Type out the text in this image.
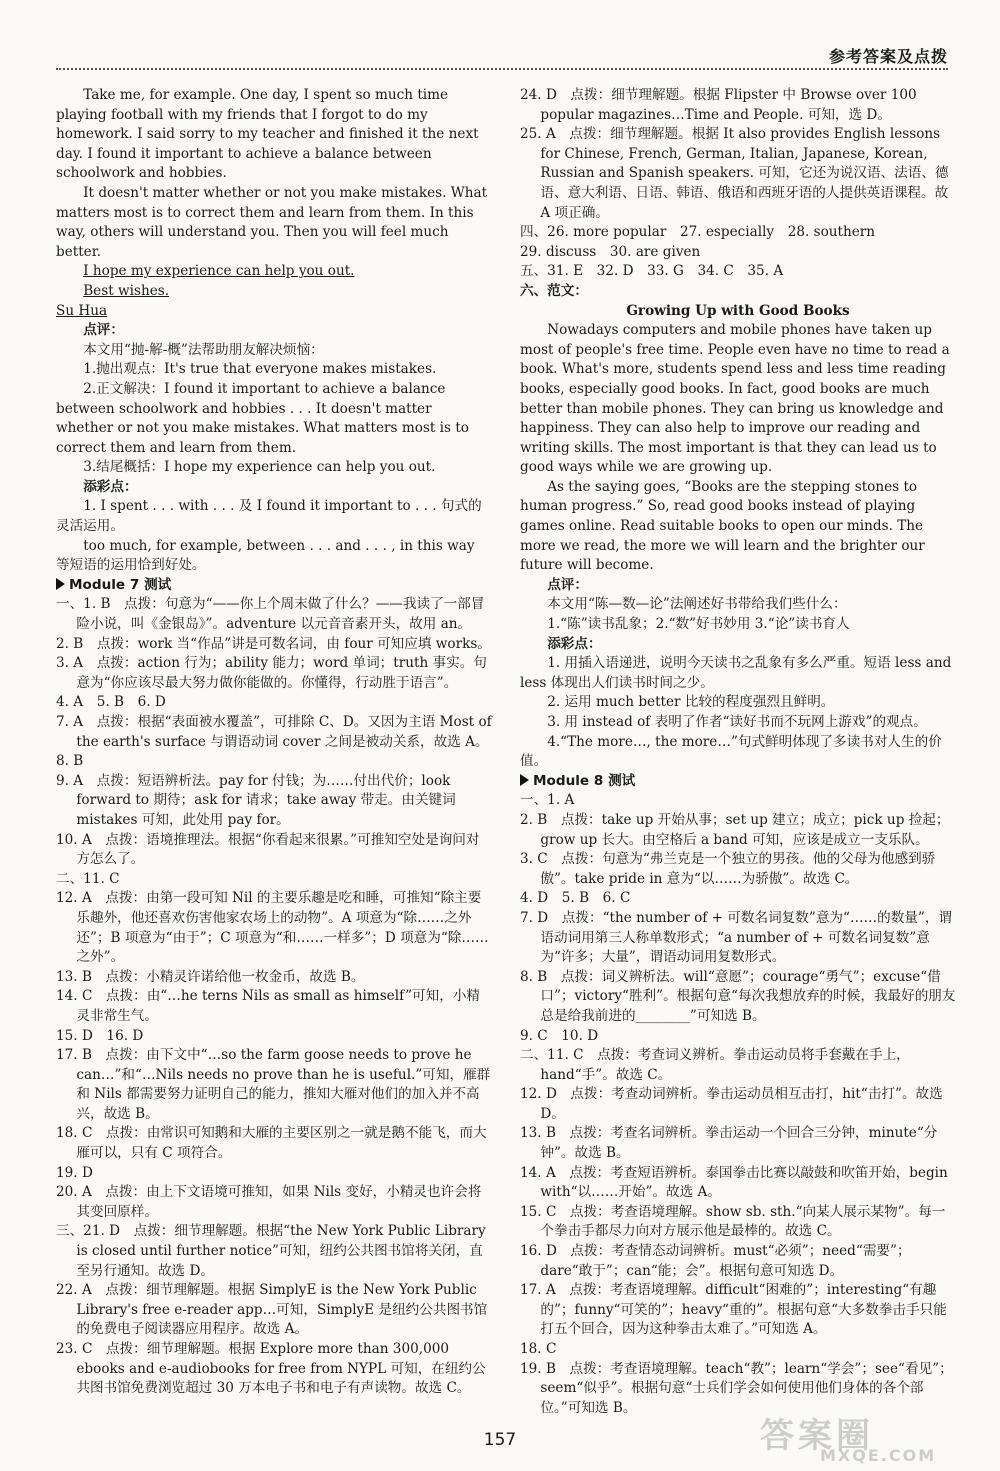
参考答案及点拨

Take me, for example. One day, I spent so much time playing football with my friends that I forgot to do my homework. I said sorry to my teacher and finished it the next day. I found it important to achieve a balance between schoolwork and hobbies.

It doesn't matter whether or not you make mistakes. What matters most is to correct them and learn from them. In this way, others will understand you. Then you will feel much better.

I hope my experience can help you out.

Best wishes.

Su Hua

点评：

本文用“抛-解-概”法帮助朋友解决烦恼：

1.抛出观点：It's true that everyone makes mistakes.

2.正文解决：I found it important to achieve a balance between schoolwork and hobbies . . . It doesn't matter whether or not you make mistakes. What matters most is to correct them and learn from them.

3.结尾概括：I hope my experience can help you out.

添彩点：

1. I spent . . . with . . . 及 I found it important to . . . 句式的灵活运用。

too much, for example, between . . . and . . . , in this way 等短语的运用恰到好处。

Module 7 测试

一、1. B　点拨：句意为“——你上个周末做了什么？——我读了一部冒险小说，叫《金银岛》”。adventure 以元音音素开头，故用 an。

2. B　点拨：work 当“作品”讲是可数名词，由 four 可知应填 works。

3. A　点拨：action 行为；ability 能力；word 单词；truth 事实。句意为“你应该尽最大努力做你能做的。你懂得，行动胜于语言”。

4. A　5. B　6. D

7. A　点拨：根据“表面被水覆盖”，可排除 C、D。又因为主语 Most of the earth's surface 与谓语动词 cover 之间是被动关系，故选 A。

8. B

9. A　点拨：短语辨析法。pay for 付钱；为……付出代价；look forward to 期待；ask for 请求；take away 带走。由关键词 mistakes 可知，此处用 pay for。

10. A　点拨：语境推理法。根据“你看起来很累。”可推知空处是询问对方怎么了。

二、11. C

12. A　点拨：由第一段可知 Nil 的主要乐趣是吃和睡，可推知“除主要乐趣外，他还喜欢伤害他家农场上的动物”。A 项意为“除……之外还”；B 项意为“由于”；C 项意为“和……一样多”；D 项意为“除……之外”。

13. B　点拨：小精灵许诺给他一枚金币，故选 B。

14. C　点拨：由“…he terns Nils as small as himself”可知，小精灵非常生气。

15. D　16. D

17. B　点拨：由下文中“…so the farm goose needs to prove he can…”和“…Nils needs no prove than he is useful.”可知，雁群和 Nils 都需要努力证明自己的能力，推知大雁对他们的加入并不高兴，故选 B。

18. C　点拨：由常识可知鹅和大雁的主要区别之一就是鹅不能飞，而大雁可以，只有 C 项符合。

19. D

20. A　点拨：由上下文语境可推知，如果 Nils 变好，小精灵也许会将其变回原样。

三、21. D　点拨：细节理解题。根据“the New York Public Library is closed until further notice”可知，纽约公共图书馆将关闭，直至另行通知。故选 D。

22. A　点拨：细节理解题。根据 SimplyE is the New York Public Library's free e-reader app…可知，SimplyE 是纽约公共图书馆的免费电子阅读器应用程序。故选 A。

23. C　点拨：细节理解题。根据 Explore more than 300,000 ebooks and e-audiobooks for free from NYPL 可知，在纽约公共图书馆免费浏览超过 30 万本电子书和电子有声读物。故选 C。

24. D　点拨：细节理解题。根据 Flipster 中 Browse over 100 popular magazines…Time and People. 可知，选 D。

25. A　点拨：细节理解题。根据 It also provides English lessons for Chinese, French, German, Italian, Japanese, Korean, Russian and Spanish speakers. 可知，它还为说汉语、法语、德语、意大利语、日语、韩语、俄语和西班牙语的人提供英语课程。故 A 项正确。

四、26. more popular　27. especially　28. southern

29. discuss　30. are given

五、31. E　32. D　33. G　34. C　35. A

六、范文：

Growing Up with Good Books

Nowadays computers and mobile phones have taken up most of people's free time. People even have no time to read a book. What's more, students spend less and less time reading books, especially good books. In fact, good books are much better than mobile phones. They can bring us knowledge and happiness. They can also help to improve our reading and writing skills. The most important is that they can lead us to good ways while we are growing up.

As the saying goes, “Books are the stepping stones to human progress.” So, read good books instead of playing games online. Read suitable books to open our minds. The more we read, the more we will learn and the brighter our future will become.

点评：

本文用“陈—数—论”法阐述好书带给我们些什么：

1.“陈”读书乱象；2.“数”好书妙用 3.“论”读书育人

添彩点：

1. 用插入语递进，说明今天读书之乱象有多么严重。短语 less and less 体现出人们读书时间之少。

2. 运用 much better 比较的程度强烈且鲜明。

3. 用 instead of 表明了作者“读好书而不玩网上游戏”的观点。

4.“The more…, the more…”句式鲜明体现了多读书对人生的价值。

Module 8 测试

一、1. A

2. B　点拨：take up 开始从事；set up 建立；成立；pick up 捡起；grow up 长大。由空格后 a band 可知，应该是成立一支乐队。

3. C　点拨：句意为“弗兰克是一个独立的男孩。他的父母为他感到骄傲”。take pride in 意为“以……为骄傲”。故选 C。

4. D　5. B　6. C

7. D　点拨：“the number of + 可数名词复数”意为“……的数量”，谓语动词用第三人称单数形式；“a number of + 可数名词复数”意为“许多；大量”，谓语动词用复数形式。

8. B　点拨：词义辨析法。will“意愿”；courage“勇气”；excuse“借口”；victory“胜利”。根据句意“每次我想放弃的时候，我最好的朋友总是给我前进的________”可知选 B。

9. C　10. D

二、11. C　点拨：考查词义辨析。拳击运动员将手套戴在手上，hand“手”。故选 C。

12. D　点拨：考查动词辨析。拳击运动员相互击打，hit“击打”。故选 D。

13. B　点拨：考查名词辨析。拳击运动一个回合三分钟，minute“分钟”。故选 B。

14. A　点拨：考查短语辨析。泰国拳击比赛以敲鼓和吹笛开始，begin with“以……开始”。故选 A。

15. C　点拨：考查语境理解。show sb. sth.“向某人展示某物”。每一个拳击手都尽力向对方展示他是最棒的。故选 C。

16. D　点拨：考查情态动词辨析。must“必须”；need“需要”；dare“敢于”；can“能；会”。根据句意可知选 D。

17. A　点拨：考查语境理解。difficult“困难的”；interesting“有趣的”；funny“可笑的”；heavy“重的”。根据句意“大多数拳击手只能打五个回合，因为这种拳击太难了。”可知选 A。

18. C

19. B　点拨：考查语境理解。teach“教”；learn“学会”；see“看见”；seem“似乎”。根据句意“士兵们学会如何使用他们身体的各个部位。”可知选 B。

157	答案圈
MXQE.COM
